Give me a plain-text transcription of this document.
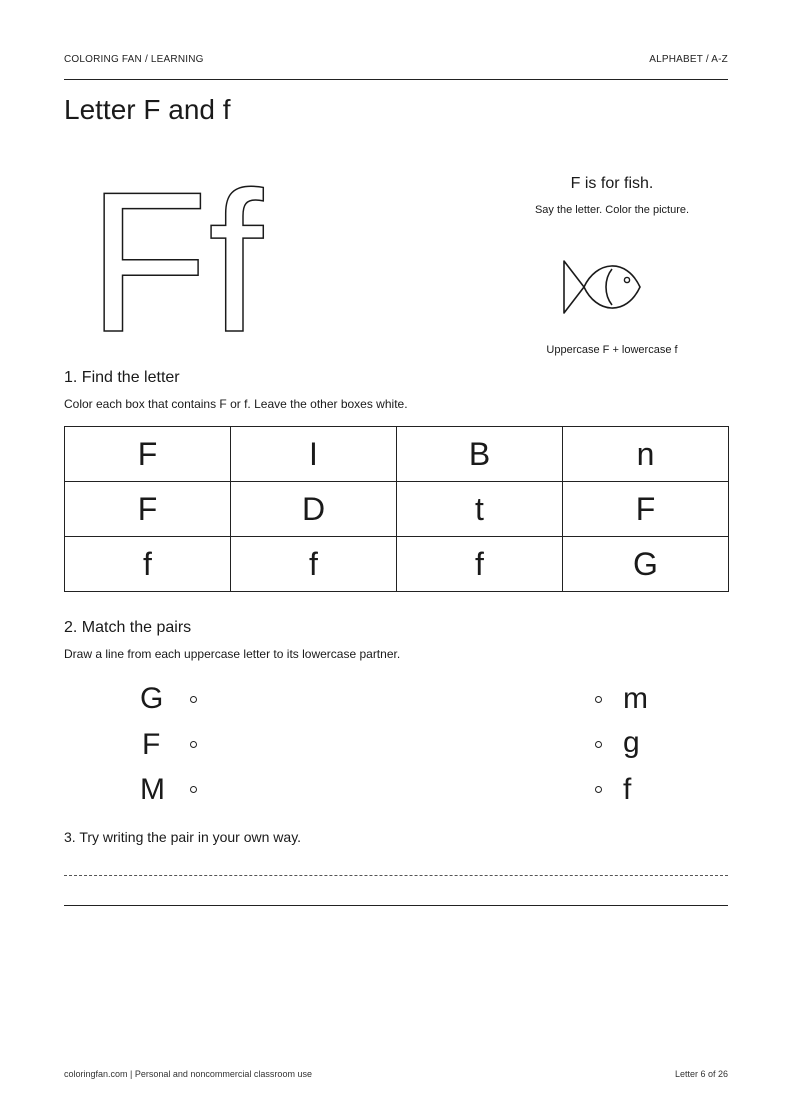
COLORING FAN / LEARNING	ALPHABET / A-Z
Letter F and f
Ff	F is for fish.
Say the letter. Color the picture.
Uppercase F + lowercase f
1. Find the letter
Color each box that contains F or f. Leave the other boxes white.
F	I	B	n
F	D	t	F
f	f	f	G
2. Match the pairs
Draw a line from each uppercase letter to its lowercase partner.
G
F
M
m
g
f
3. Try writing the pair in your own way.
coloringfan.com | Personal and noncommercial classroom use	Letter 6 of 26
